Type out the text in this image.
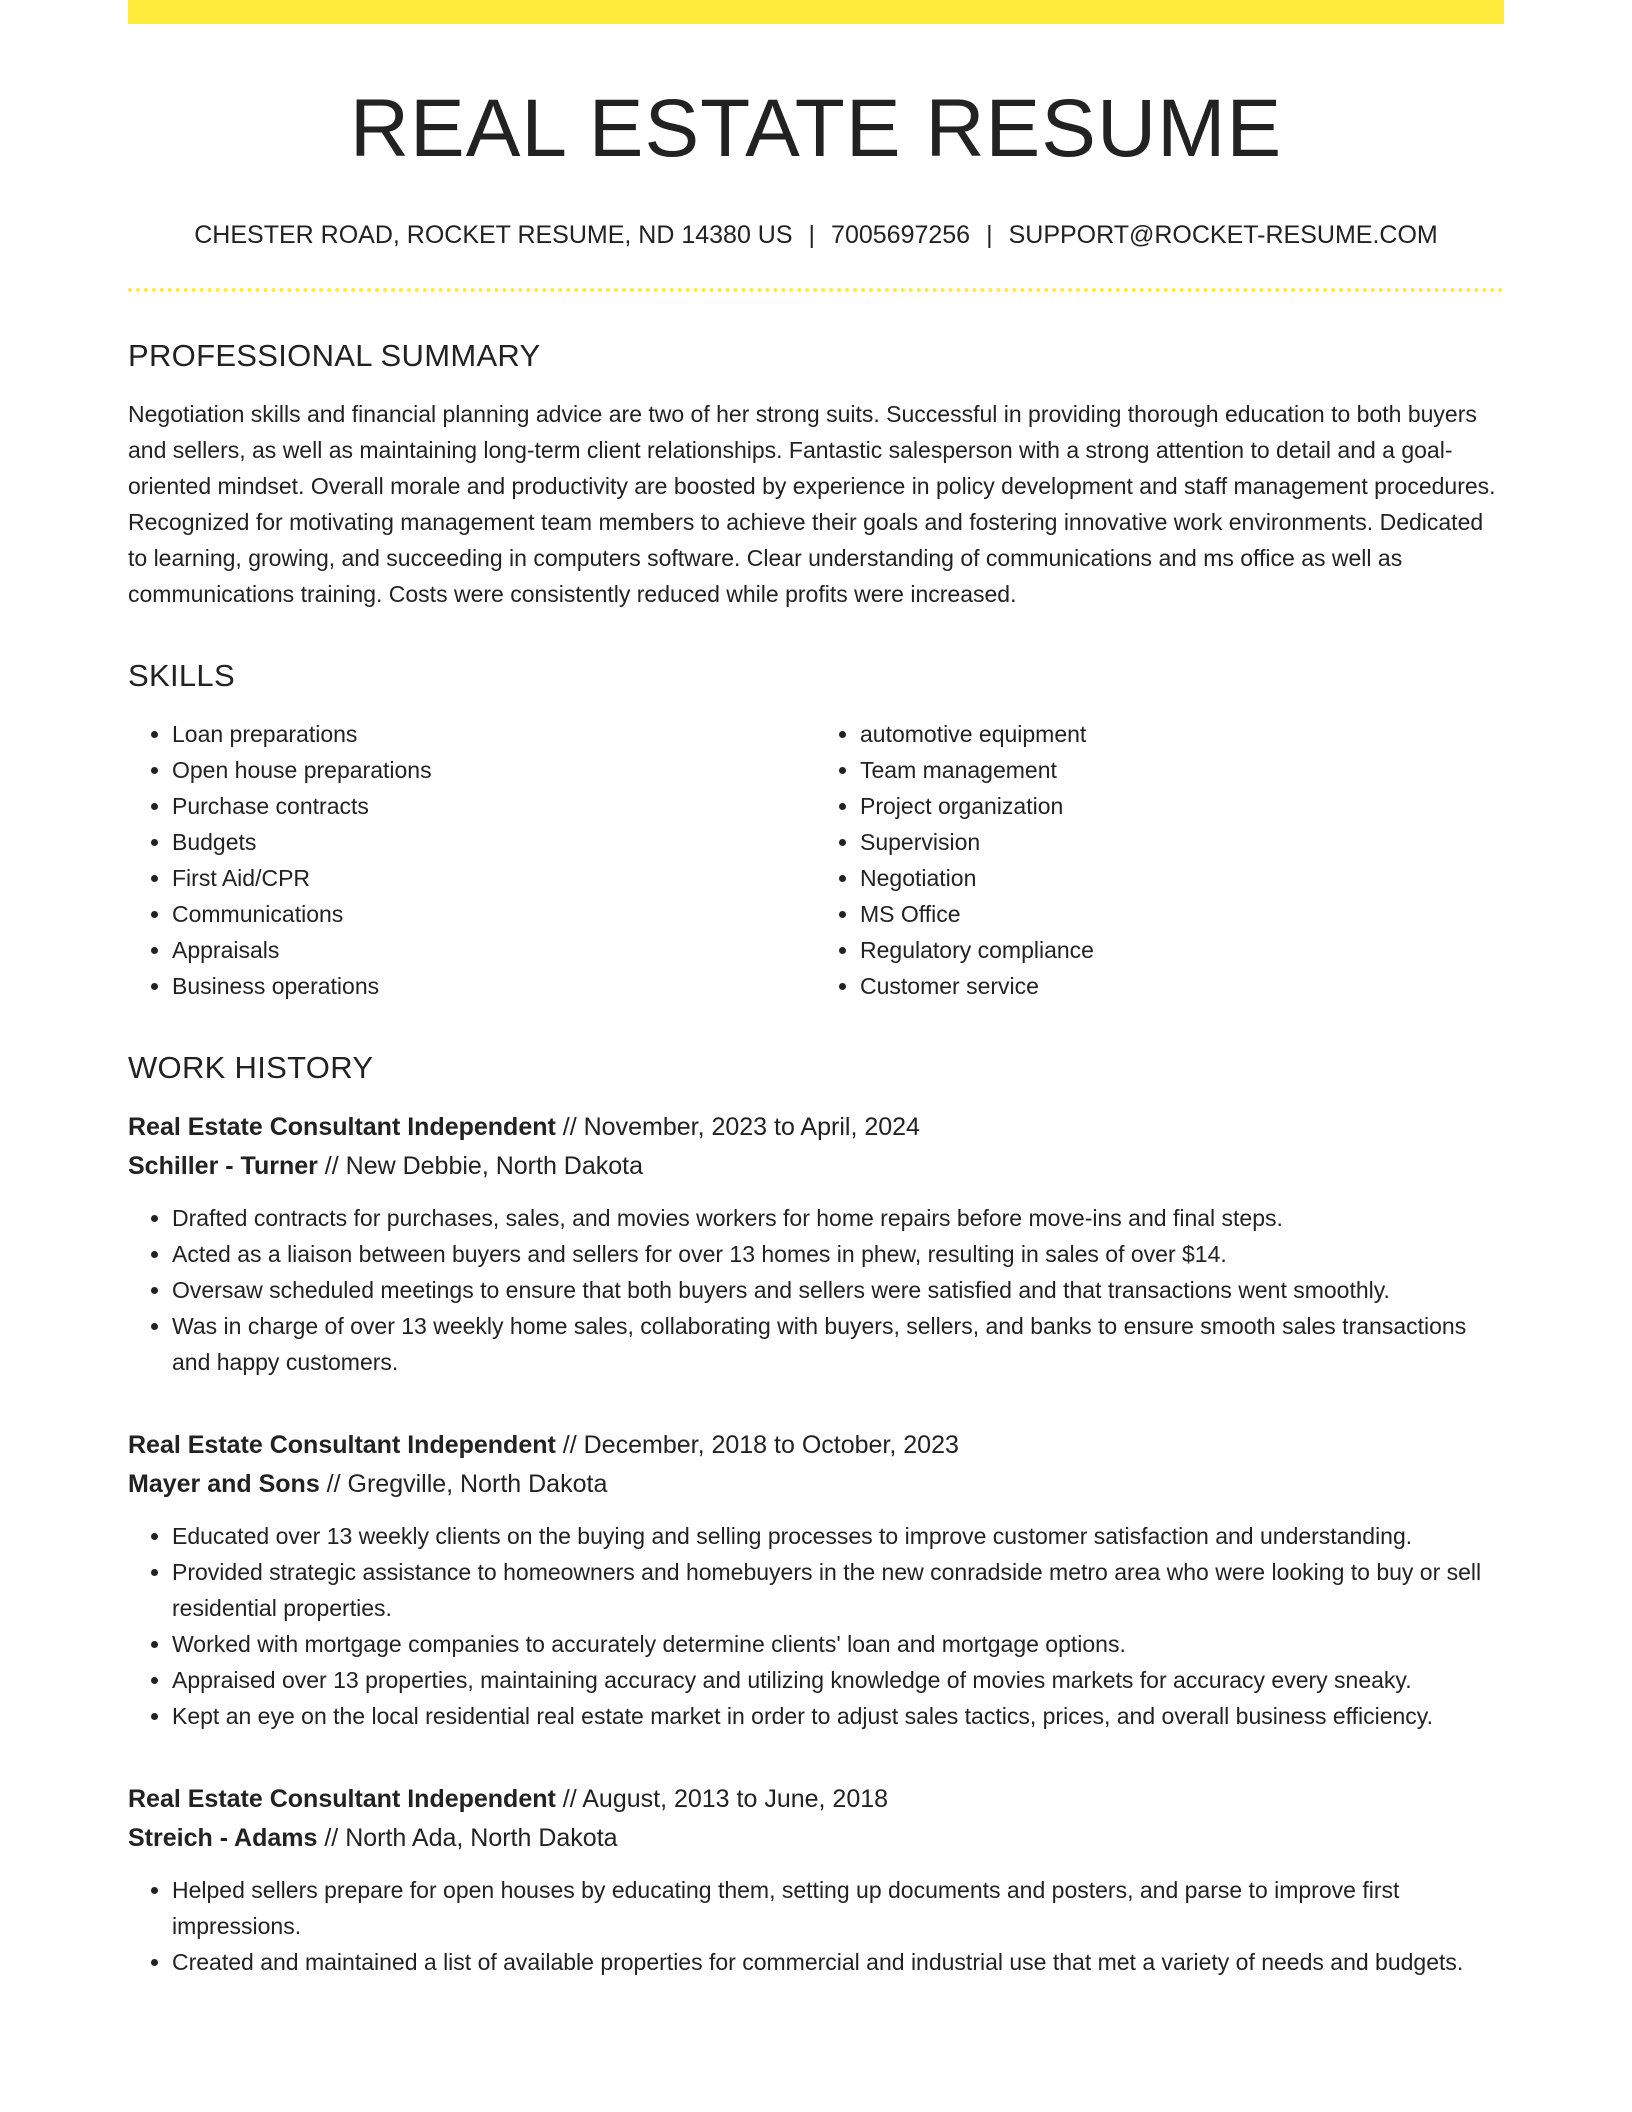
REAL ESTATE RESUME
CHESTER ROAD, ROCKET RESUME, ND 14380 US | 7005697256 | SUPPORT@ROCKET-RESUME.COM
PROFESSIONAL SUMMARY

Negotiation skills and financial planning advice are two of her strong suits. Successful in providing thorough education to both buyers and sellers, as well as maintaining long-term client relationships. Fantastic salesperson with a strong attention to detail and a goal-oriented mindset. Overall morale and productivity are boosted by experience in policy development and staff management procedures. Recognized for motivating management team members to achieve their goals and fostering innovative work environments. Dedicated to learning, growing, and succeeding in computers software. Clear understanding of communications and ms office as well as communications training. Costs were consistently reduced while profits were increased.

SKILLS
• Loan preparations
• Open house preparations
• Purchase contracts
• Budgets
• First Aid/CPR
• Communications
• Appraisals
• Business operations
• automotive equipment
• Team management
• Project organization
• Supervision
• Negotiation
• MS Office
• Regulatory compliance
• Customer service
WORK HISTORY
Real Estate Consultant Independent // November, 2023 to April, 2024
Schiller - Turner // New Debbie, North Dakota
• Drafted contracts for purchases, sales, and movies workers for home repairs before move-ins and final steps.
• Acted as a liaison between buyers and sellers for over 13 homes in phew, resulting in sales of over $14.
• Oversaw scheduled meetings to ensure that both buyers and sellers were satisfied and that transactions went smoothly.
• Was in charge of over 13 weekly home sales, collaborating with buyers, sellers, and banks to ensure smooth sales transactions and happy customers.
Real Estate Consultant Independent // December, 2018 to October, 2023
Mayer and Sons // Gregville, North Dakota
• Educated over 13 weekly clients on the buying and selling processes to improve customer satisfaction and understanding.
• Provided strategic assistance to homeowners and homebuyers in the new conradside metro area who were looking to buy or sell residential properties.
• Worked with mortgage companies to accurately determine clients' loan and mortgage options.
• Appraised over 13 properties, maintaining accuracy and utilizing knowledge of movies markets for accuracy every sneaky.
• Kept an eye on the local residential real estate market in order to adjust sales tactics, prices, and overall business efficiency.
Real Estate Consultant Independent // August, 2013 to June, 2018
Streich - Adams // North Ada, North Dakota
• Helped sellers prepare for open houses by educating them, setting up documents and posters, and parse to improve first impressions.
• Created and maintained a list of available properties for commercial and industrial use that met a variety of needs and budgets.
